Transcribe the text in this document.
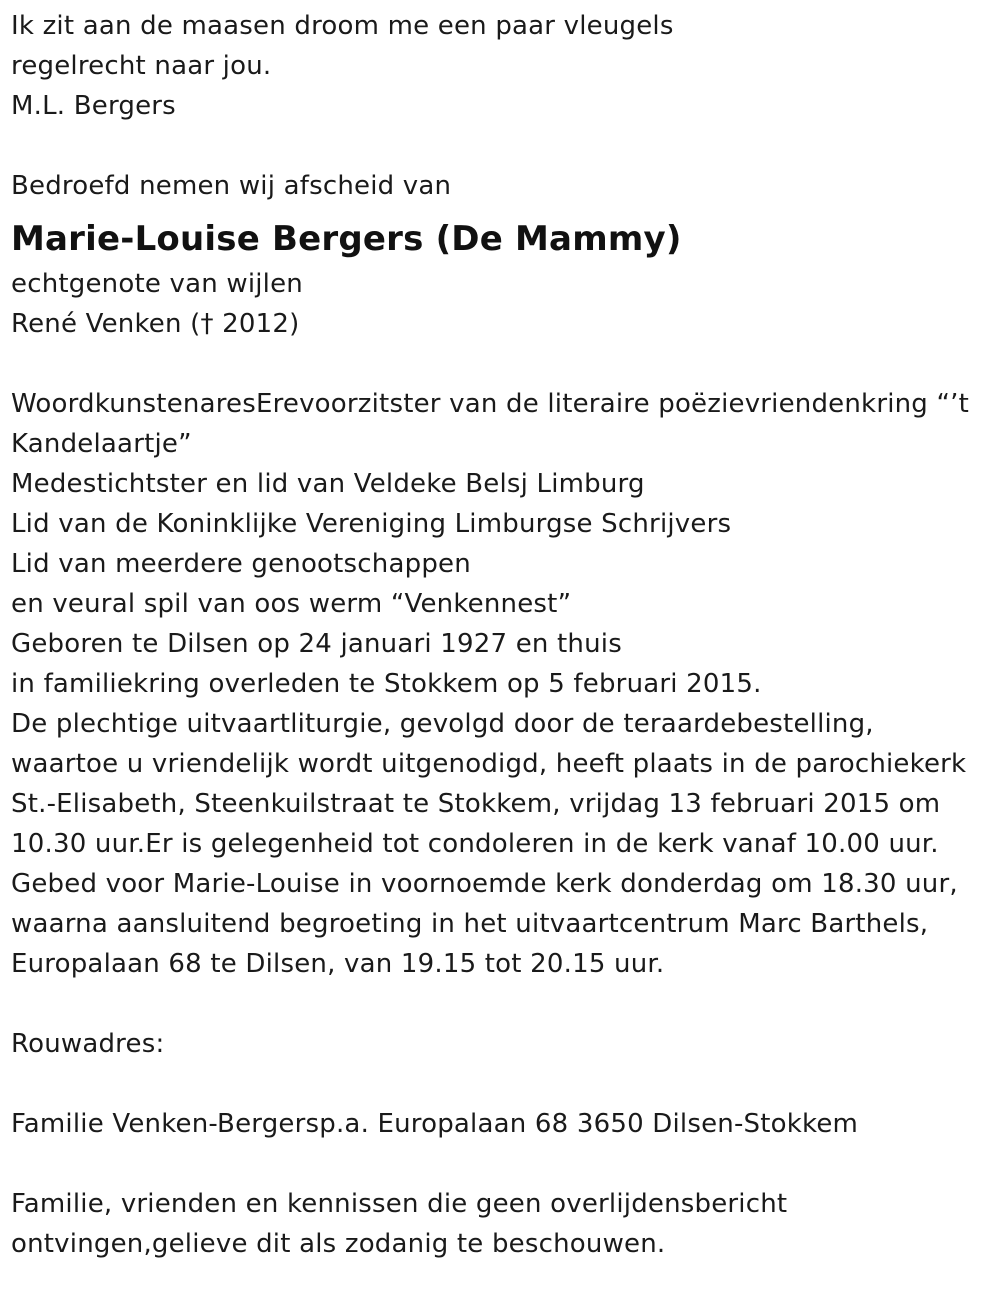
Ik zit aan de maasen droom me een paar vleugels
regelrecht naar jou.
M.L. Bergers
Bedroefd nemen wij afscheid van
Marie-Louise Bergers (De Mammy)
echtgenote van wijlen
René Venken († 2012)
WoordkunstenaresErevoorzitster van de literaire poëzievriendenkring “’t
Kandelaartje”
Medestichtster en lid van Veldeke Belsj Limburg
Lid van de Koninklijke Vereniging Limburgse Schrijvers
Lid van meerdere genootschappen
en veural spil van oos werm “Venkennest”
Geboren te Dilsen op 24 januari 1927 en thuis
in familiekring overleden te Stokkem op 5 februari 2015.
De plechtige uitvaartliturgie, gevolgd door de teraardebestelling,
waartoe u vriendelijk wordt uitgenodigd, heeft plaats in de parochiekerk
St.-Elisabeth, Steenkuilstraat te Stokkem, vrijdag 13 februari 2015 om
10.30 uur.Er is gelegenheid tot condoleren in de kerk vanaf 10.00 uur.
Gebed voor Marie-Louise in voornoemde kerk donderdag om 18.30 uur,
waarna aansluitend begroeting in het uitvaartcentrum Marc Barthels,
Europalaan 68 te Dilsen, van 19.15 tot 20.15 uur.
Rouwadres:
Familie Venken-Bergersp.a. Europalaan 68 3650 Dilsen-Stokkem
Familie, vrienden en kennissen die geen overlijdensbericht
ontvingen,gelieve dit als zodanig te beschouwen.
